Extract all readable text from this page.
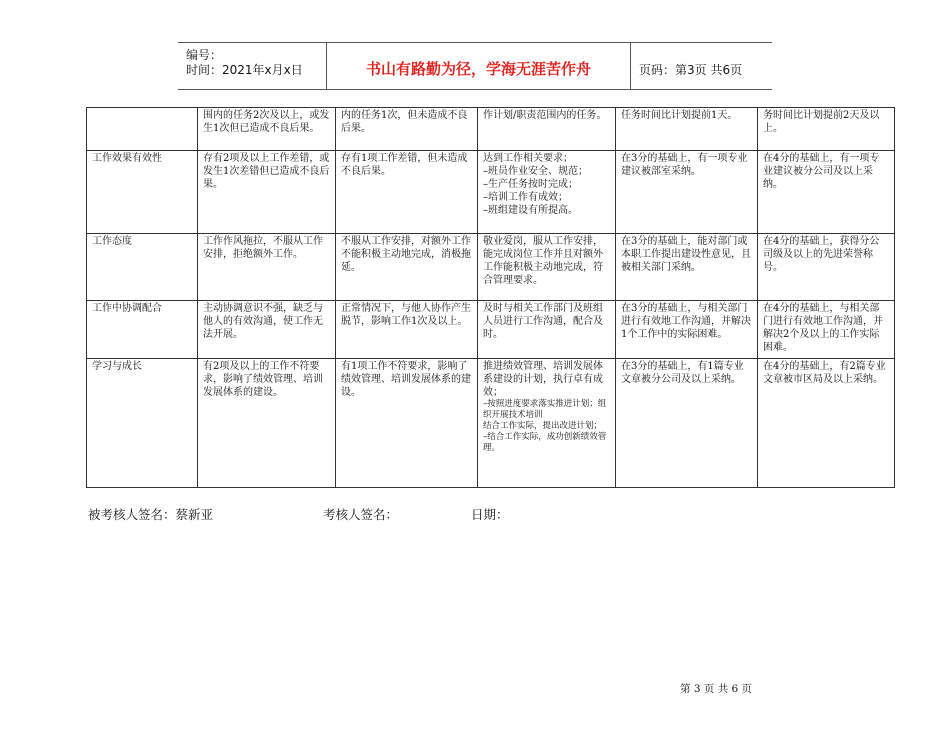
编号：
时间：2021年x月x日	书山有路勤为径，学海无涯苦作舟	页码：第3页 共6页
	围内的任务2次及以上，或发生1次但已造成不良后果。	内的任务1次，但未造成不良后果。	作计划/职责范围内的任务。	任务时间比计划提前1天。	务时间比计划提前2天及以上。
工作效果有效性	存有2项及以上工作差错，或发生1次差错但已造成不良后果。	存有1项工作差错，但未造成不良后果。	达到工作相关要求；
–班员作业安全、规范；
–生产任务按时完成；
–培训工作有成效；
–班组建设有所提高。	在3分的基础上，有一项专业建议被部室采纳。	在4分的基础上，有一项专业建议被分公司及以上采纳。
工作态度	工作作风拖拉，不服从工作安排，拒绝额外工作。	不服从工作安排，对额外工作不能积极主动地完成，消极拖延。	敬业爱岗，服从工作安排，能完成岗位工作并且对额外工作能积极主动地完成，符合管理要求。	在3分的基础上，能对部门或本职工作提出建设性意见，且被相关部门采纳。	在4分的基础上，获得分公司级及以上的先进荣誉称号。
工作中协调配合	主动协调意识不强，缺乏与他人的有效沟通，使工作无法开展。	正常情况下，与他人协作产生脱节，影响工作1次及以上。	及时与相关工作部门及班组人员进行工作沟通，配合及时。	在3分的基础上，与相关部门进行有效地工作沟通，并解决1个工作中的实际困难。	在4分的基础上，与相关部门进行有效地工作沟通，并解决2个及以上的工作实际困难。
学习与成长	有2项及以上的工作不符要求，影响了绩效管理、培训发展体系的建设。	有1项工作不符要求，影响了绩效管理、培训发展体系的建设。	推进绩效管理、培训发展体系建设的计划，执行卓有成效；
–按照进度要求落实推进计划；组织开展技术培训
结合工作实际，提出改进计划；
–结合工作实际，成功创新绩效管理。	在3分的基础上，有1篇专业文章被分公司及以上采纳。	在4分的基础上，有2篇专业文章被市区局及以上采纳。
被考核人签名：蔡新亚	考核人签名：	日期：
第 3 页 共 6 页
